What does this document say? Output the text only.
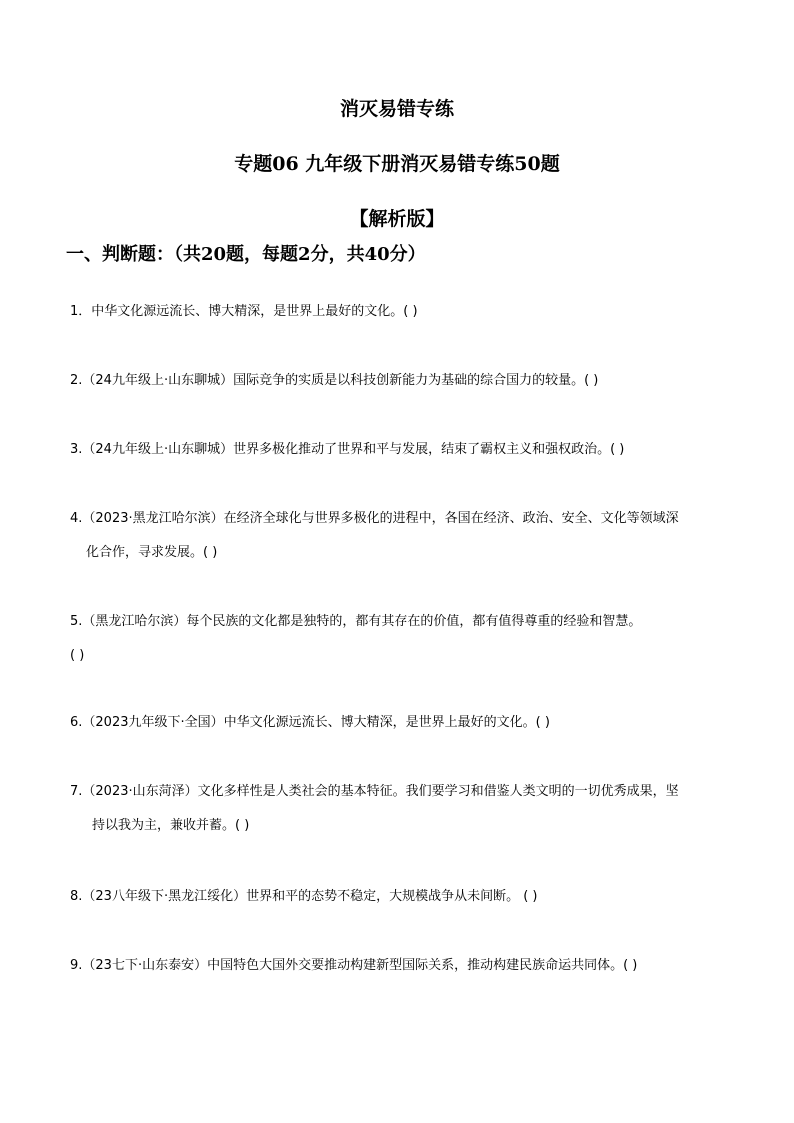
消灭易错专练
专题06 九年级下册消灭易错专练50题
【解析版】
一、判断题：（共20题，每题2分，共40分）
1．中华文化源远流长、博大精深，是世界上最好的文化。( )
2.（24九年级上·山东聊城）国际竞争的实质是以科技创新能力为基础的综合国力的较量。( )
3.（24九年级上·山东聊城）世界多极化推动了世界和平与发展，结束了霸权主义和强权政治。( )
4.（2023·黑龙江哈尔滨）在经济全球化与世界多极化的进程中，各国在经济、政治、安全、文化等领域深
化合作，寻求发展。( )
5.（黑龙江哈尔滨）每个民族的文化都是独特的，都有其存在的价值，都有值得尊重的经验和智慧。
( )
6.（2023九年级下·全国）中华文化源远流长、博大精深，是世界上最好的文化。( )
7.（2023·山东菏泽）文化多样性是人类社会的基本特征。我们要学习和借鉴人类文明的一切优秀成果，坚
持以我为主，兼收并蓄。( )
8.（23八年级下·黑龙江绥化）世界和平的态势不稳定，大规模战争从未间断。 ( )
9.（23七下·山东泰安）中国特色大国外交要推动构建新型国际关系，推动构建民族命运共同体。( )
